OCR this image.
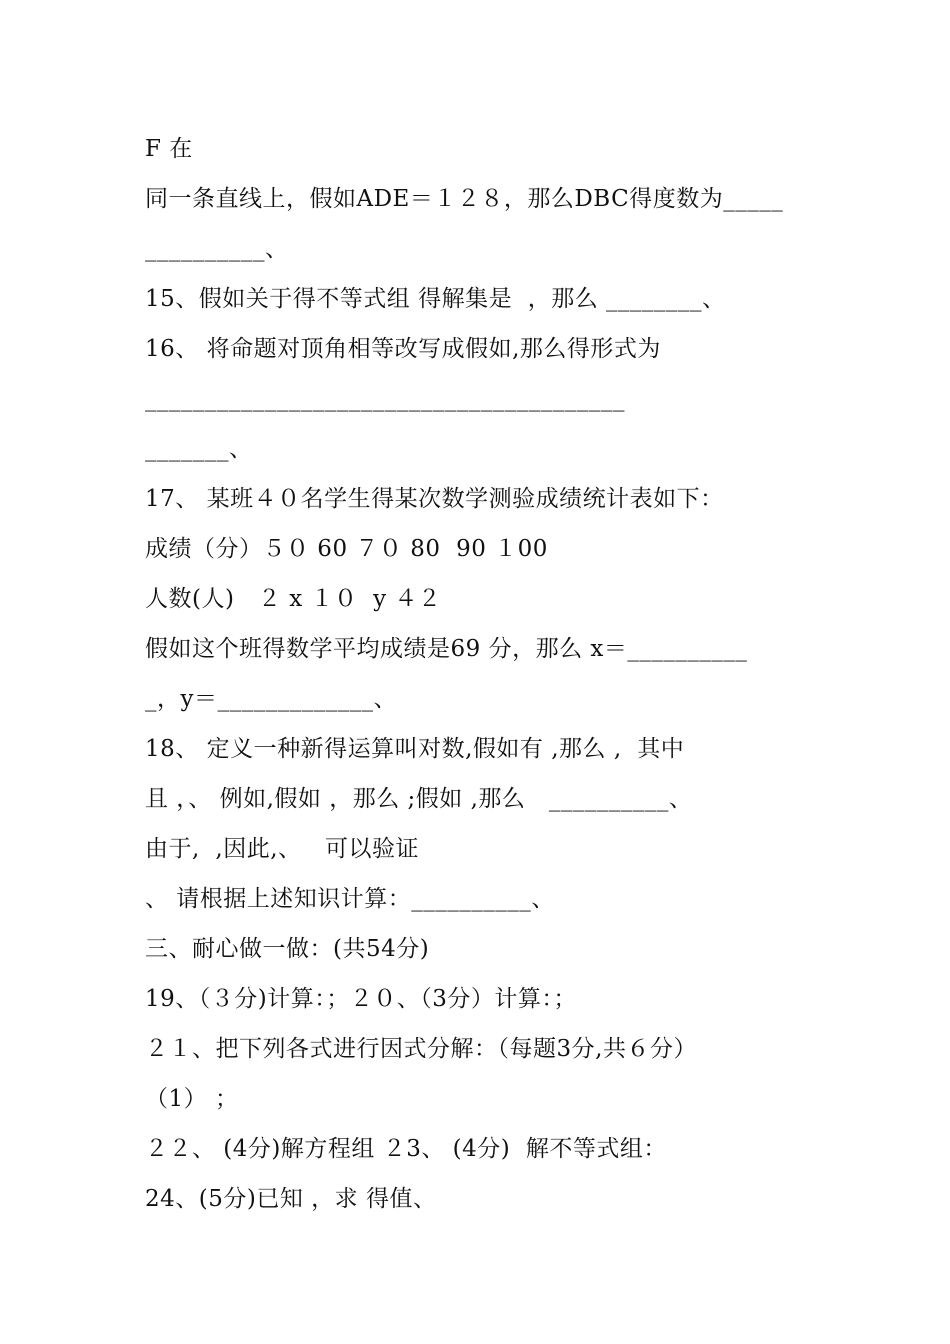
F 在
同一条直线上，假如ADE＝１２８，那么DBC得度数为_____
__________、
15、假如关于得不等式组 得解集是  ，那么 ________、
16、 将命题对顶角相等改写成假如,那么得形式为
________________________________________
_______、
17、 某班４０名学生得某次数学测验成绩统计表如下：
成绩（分）５０ 60 ７０ 80  90 １00
人数(人)   ２ x １０  y ４２
假如这个班得数学平均成绩是69 分，那么 x＝__________
_，y＝_____________、
18、 定义一种新得运算叫对数,假如有 ,那么 ,  其中
且 ，、 例如,假如 ，那么 ;假如 ,那么   __________、
由于,  ,因此,、   可以验证
、 请根据上述知识计算：__________、
三、耐心做一做：(共54分)
19、（３分)计算：；２０、（3分）计算：；
２１、把下列各式进行因式分解：（每题3分,共６分）
（1） ；
２２、 (4分)解方程组 ２3、 (4分)  解不等式组：
24、(5分)已知 ，求 得值、
